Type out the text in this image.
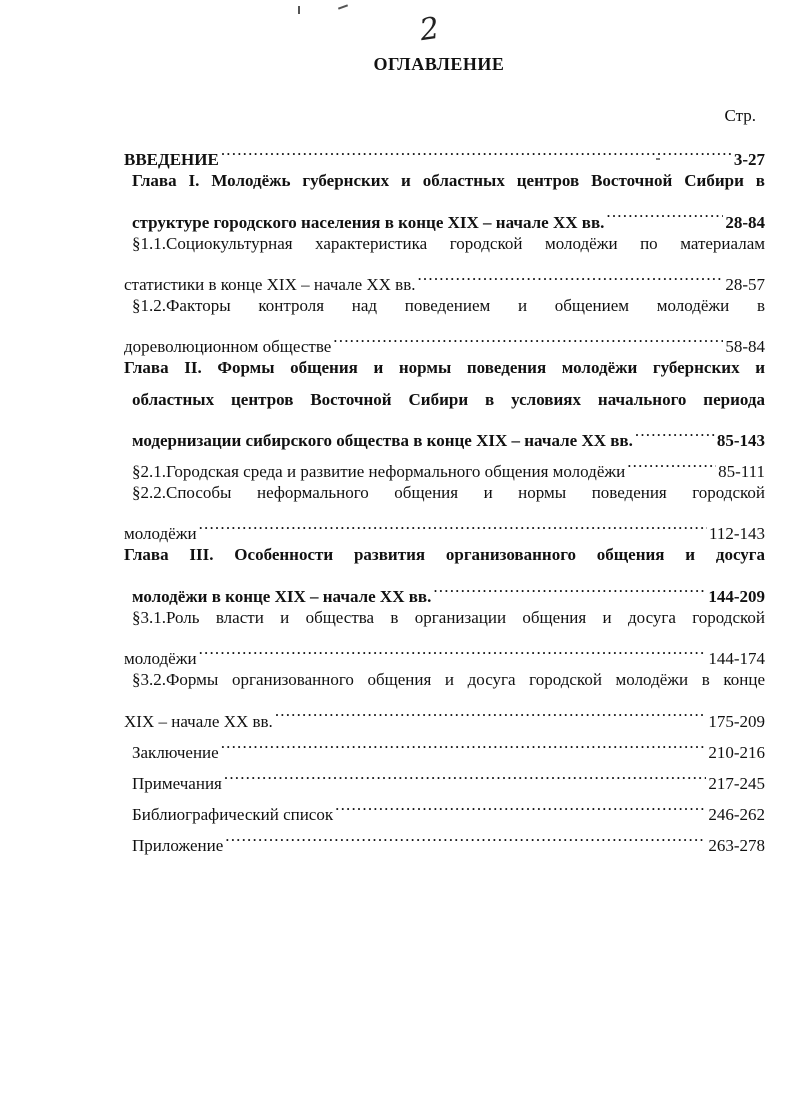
2
ОГЛАВЛЕНИЕ
Стр.
ВВЕДЕНИЕ .....	3-27
Глава I. Молодёжь губернских и областных центров Восточной Сибири в
структуре городского населения в конце XIX – начале XX вв. .....	28-84
§1.1.Социокультурная характеристика городской молодёжи по материалам
статистики в конце XIX – начале XX вв. .....	28-57
§1.2.Факторы контроля над поведением и общением молодёжи в
дореволюционном обществе .....	58-84
Глава II. Формы общения и нормы поведения молодёжи губернских и
областных центров Восточной Сибири в условиях начального периода
модернизации сибирского общества в конце XIX – начале XX вв. .....	85-143
§2.1.Городская среда и развитие неформального общения молодёжи .....	85-111
§2.2.Способы неформального общения и нормы поведения городской
молодёжи .....	112-143
Глава III. Особенности развития организованного общения и досуга
молодёжи в конце XIX – начале XX вв. .....	144-209
§3.1.Роль власти и общества в организации общения и досуга городской
молодёжи .....	144-174
§3.2.Формы организованного общения и досуга городской молодёжи в конце
XIX – начале XX вв. .....	175-209
Заключение .....	210-216
Примечания .....	217-245
Библиографический список .....	246-262
Приложение .....	263-278
